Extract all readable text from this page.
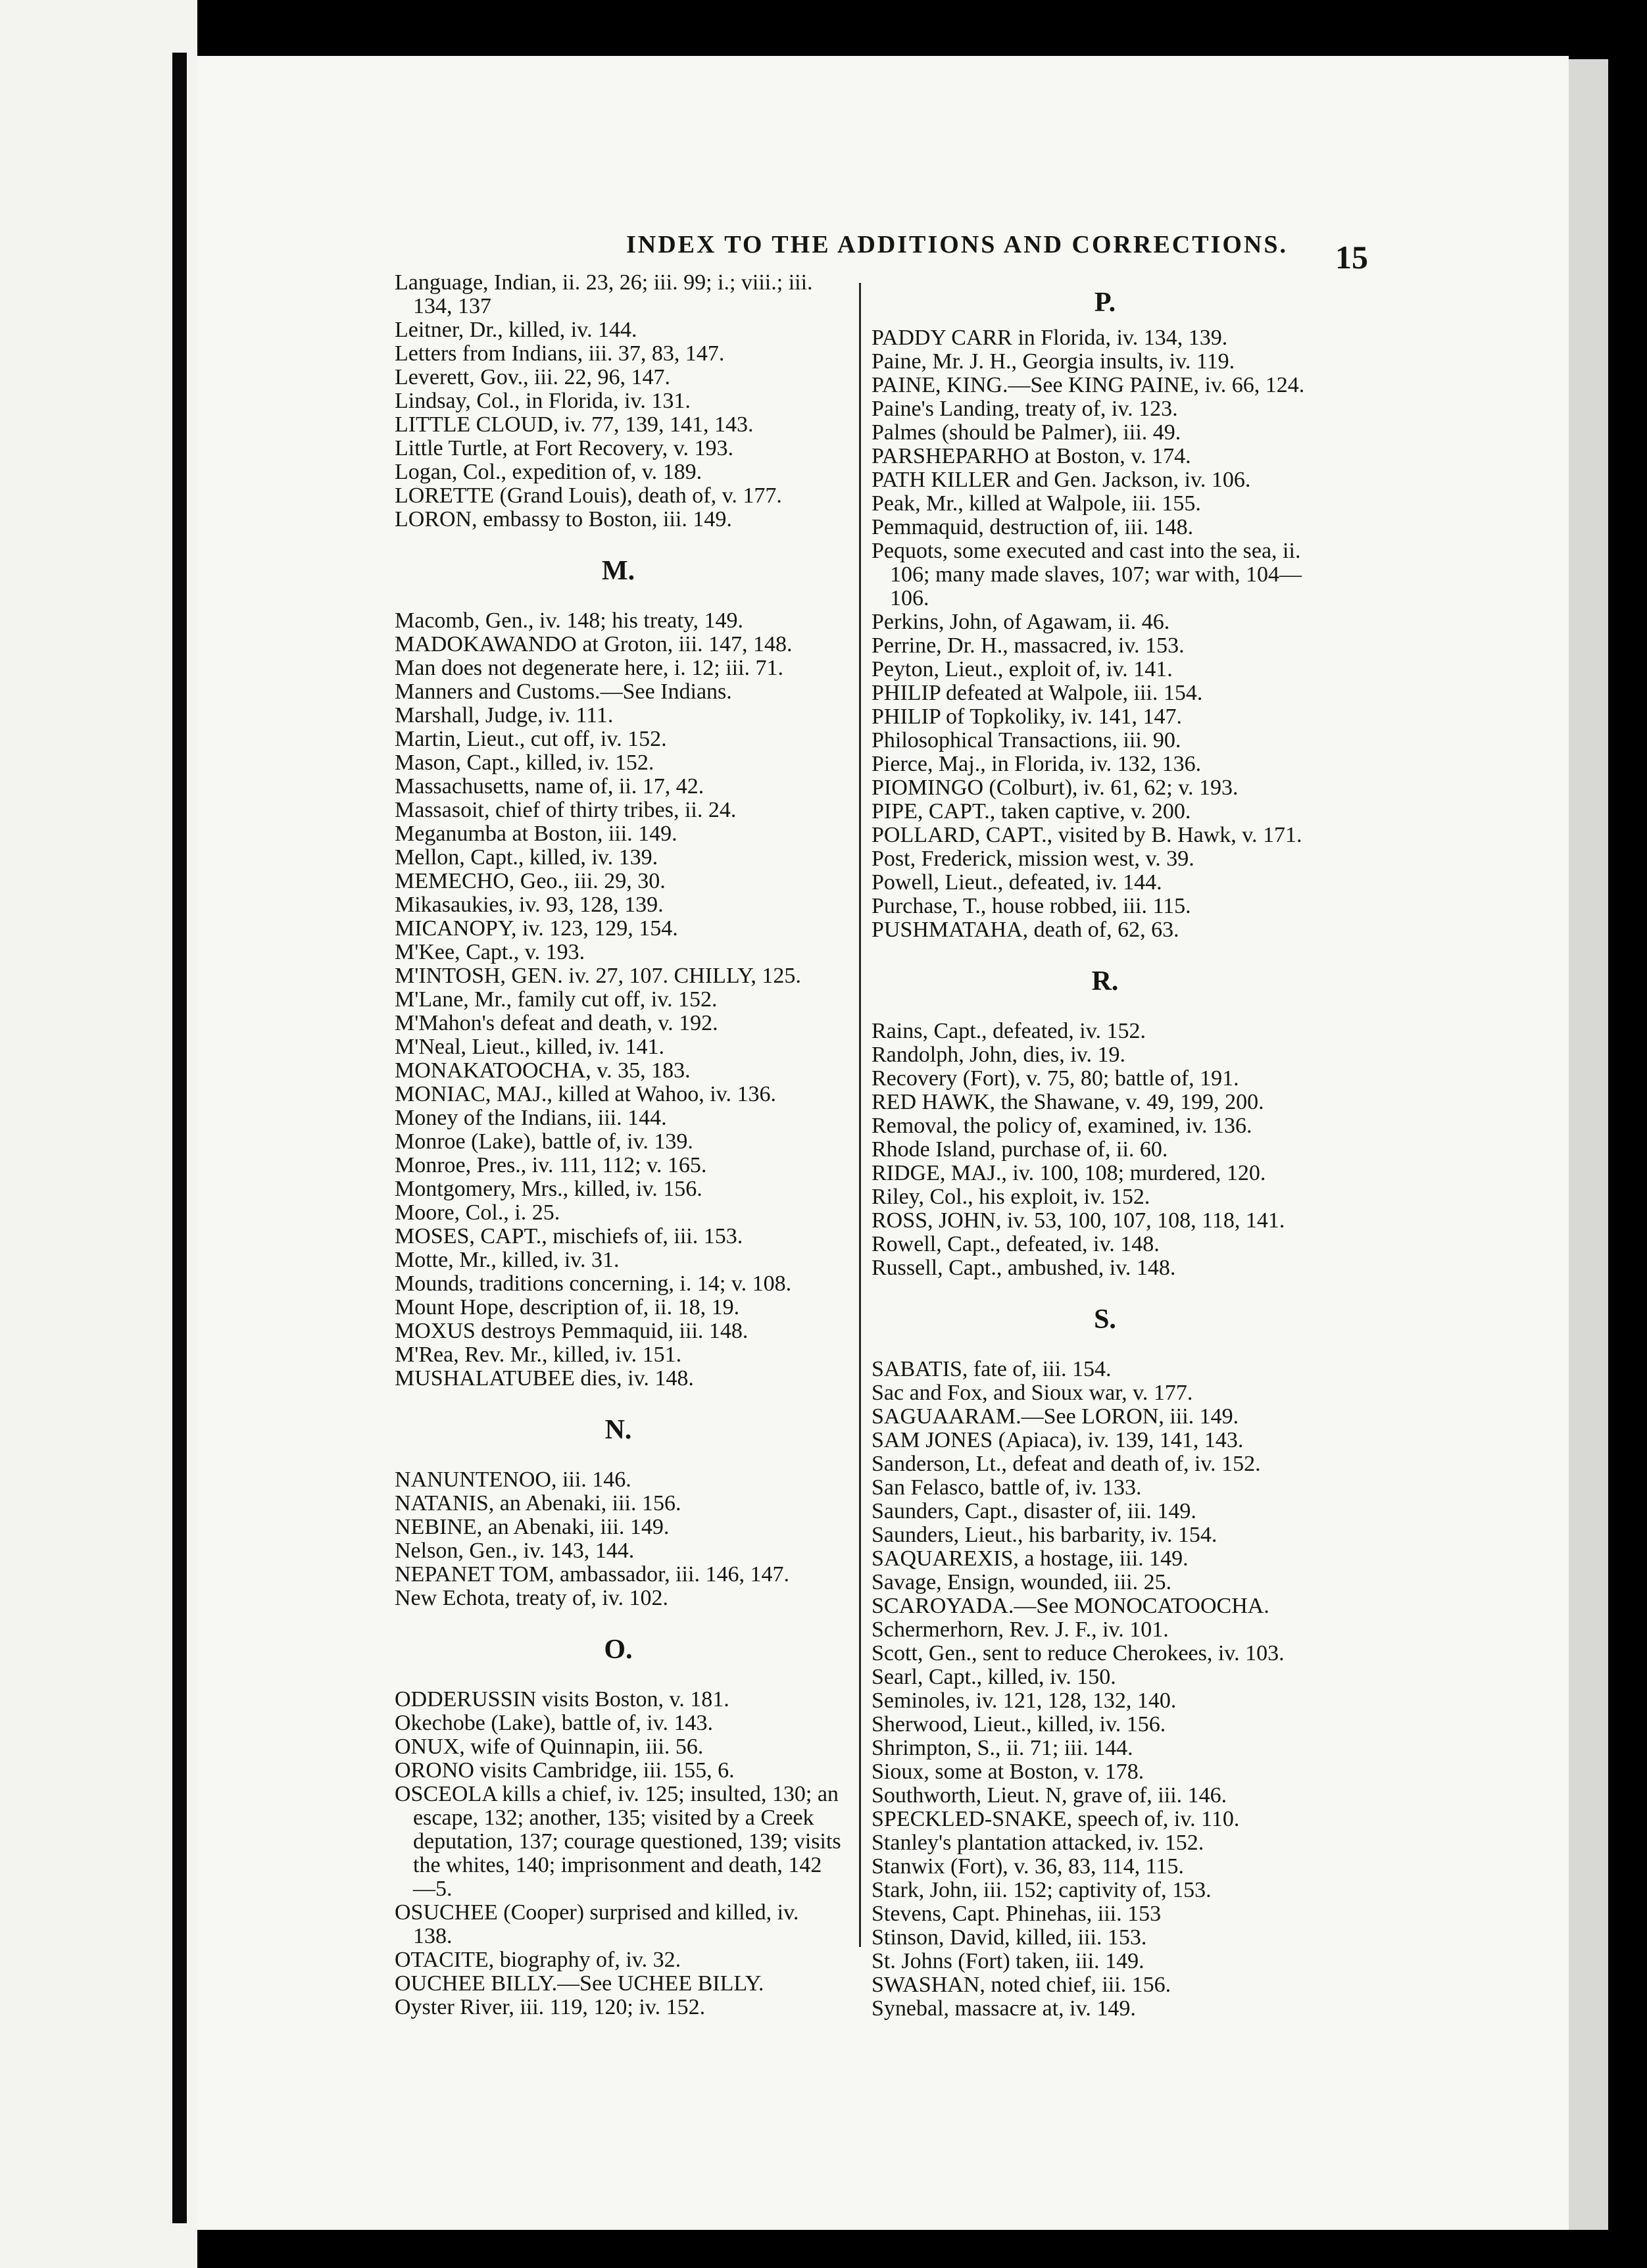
INDEX TO THE ADDITIONS AND CORRECTIONS.	15

Language, Indian, ii. 23, 26; iii. 99; i.; viii.; iii. 134, 137

Leitner, Dr., killed, iv. 144.

Letters from Indians, iii. 37, 83, 147.

Leverett, Gov., iii. 22, 96, 147.

Lindsay, Col., in Florida, iv. 131.

LITTLE CLOUD, iv. 77, 139, 141, 143.

Little Turtle, at Fort Recovery, v. 193.

Logan, Col., expedition of, v. 189.

LORETTE (Grand Louis), death of, v. 177.

LORON, embassy to Boston, iii. 149.

M.

Macomb, Gen., iv. 148; his treaty, 149.

MADOKAWANDO at Groton, iii. 147, 148.

Man does not degenerate here, i. 12; iii. 71.

Manners and Customs.—See Indians.

Marshall, Judge, iv. 111.

Martin, Lieut., cut off, iv. 152.

Mason, Capt., killed, iv. 152.

Massachusetts, name of, ii. 17, 42.

Massasoit, chief of thirty tribes, ii. 24.

Meganumba at Boston, iii. 149.

Mellon, Capt., killed, iv. 139.

MEMECHO, Geo., iii. 29, 30.

Mikasaukies, iv. 93, 128, 139.

MICANOPY, iv. 123, 129, 154.

M'Kee, Capt., v. 193.

M'INTOSH, GEN. iv. 27, 107. CHILLY, 125.

M'Lane, Mr., family cut off, iv. 152.

M'Mahon's defeat and death, v. 192.

M'Neal, Lieut., killed, iv. 141.

MONAKATOOCHA, v. 35, 183.

MONIAC, MAJ., killed at Wahoo, iv. 136.

Money of the Indians, iii. 144.

Monroe (Lake), battle of, iv. 139.

Monroe, Pres., iv. 111, 112; v. 165.

Montgomery, Mrs., killed, iv. 156.

Moore, Col., i. 25.

MOSES, CAPT., mischiefs of, iii. 153.

Motte, Mr., killed, iv. 31.

Mounds, traditions concerning, i. 14; v. 108.

Mount Hope, description of, ii. 18, 19.

MOXUS destroys Pemmaquid, iii. 148.

M'Rea, Rev. Mr., killed, iv. 151.

MUSHALATUBEE dies, iv. 148.

N.

NANUNTENOO, iii. 146.

NATANIS, an Abenaki, iii. 156.

NEBINE, an Abenaki, iii. 149.

Nelson, Gen., iv. 143, 144.

NEPANET TOM, ambassador, iii. 146, 147.

New Echota, treaty of, iv. 102.

O.

ODDERUSSIN visits Boston, v. 181.

Okechobe (Lake), battle of, iv. 143.

ONUX, wife of Quinnapin, iii. 56.

ORONO visits Cambridge, iii. 155, 6.

OSCEOLA kills a chief, iv. 125; insulted, 130; an escape, 132; another, 135; visited by a Creek deputation, 137; courage questioned, 139; visits the whites, 140; imprisonment and death, 142—5.

OSUCHEE (Cooper) surprised and killed, iv. 138.

OTACITE, biography of, iv. 32.

OUCHEE BILLY.—See UCHEE BILLY.

Oyster River, iii. 119, 120; iv. 152.

P.

PADDY CARR in Florida, iv. 134, 139.

Paine, Mr. J. H., Georgia insults, iv. 119.

PAINE, KING.—See KING PAINE, iv. 66, 124.

Paine's Landing, treaty of, iv. 123.

Palmes (should be Palmer), iii. 49.

PARSHEPARHO at Boston, v. 174.

PATH KILLER and Gen. Jackson, iv. 106.

Peak, Mr., killed at Walpole, iii. 155.

Pemmaquid, destruction of, iii. 148.

Pequots, some executed and cast into the sea, ii. 106; many made slaves, 107; war with, 104—106.

Perkins, John, of Agawam, ii. 46.

Perrine, Dr. H., massacred, iv. 153.

Peyton, Lieut., exploit of, iv. 141.

PHILIP defeated at Walpole, iii. 154.

PHILIP of Topkoliky, iv. 141, 147.

Philosophical Transactions, iii. 90.

Pierce, Maj., in Florida, iv. 132, 136.

PIOMINGO (Colburt), iv. 61, 62; v. 193.

PIPE, CAPT., taken captive, v. 200.

POLLARD, CAPT., visited by B. Hawk, v. 171.

Post, Frederick, mission west, v. 39.

Powell, Lieut., defeated, iv. 144.

Purchase, T., house robbed, iii. 115.

PUSHMATAHA, death of, 62, 63.

R.

Rains, Capt., defeated, iv. 152.

Randolph, John, dies, iv. 19.

Recovery (Fort), v. 75, 80; battle of, 191.

RED HAWK, the Shawane, v. 49, 199, 200.

Removal, the policy of, examined, iv. 136.

Rhode Island, purchase of, ii. 60.

RIDGE, MAJ., iv. 100, 108; murdered, 120.

Riley, Col., his exploit, iv. 152.

ROSS, JOHN, iv. 53, 100, 107, 108, 118, 141.

Rowell, Capt., defeated, iv. 148.

Russell, Capt., ambushed, iv. 148.

S.

SABATIS, fate of, iii. 154.

Sac and Fox, and Sioux war, v. 177.

SAGUAARAM.—See LORON, iii. 149.

SAM JONES (Apiaca), iv. 139, 141, 143.

Sanderson, Lt., defeat and death of, iv. 152.

San Felasco, battle of, iv. 133.

Saunders, Capt., disaster of, iii. 149.

Saunders, Lieut., his barbarity, iv. 154.

SAQUAREXIS, a hostage, iii. 149.

Savage, Ensign, wounded, iii. 25.

SCAROYADA.—See MONOCATOOCHA.

Schermerhorn, Rev. J. F., iv. 101.

Scott, Gen., sent to reduce Cherokees, iv. 103.

Searl, Capt., killed, iv. 150.

Seminoles, iv. 121, 128, 132, 140.

Sherwood, Lieut., killed, iv. 156.

Shrimpton, S., ii. 71; iii. 144.

Sioux, some at Boston, v. 178.

Southworth, Lieut. N, grave of, iii. 146.

SPECKLED-SNAKE, speech of, iv. 110.

Stanley's plantation attacked, iv. 152.

Stanwix (Fort), v. 36, 83, 114, 115.

Stark, John, iii. 152; captivity of, 153.

Stevens, Capt. Phinehas, iii. 153

Stinson, David, killed, iii. 153.

St. Johns (Fort) taken, iii. 149.

SWASHAN, noted chief, iii. 156.

Synebal, massacre at, iv. 149.
